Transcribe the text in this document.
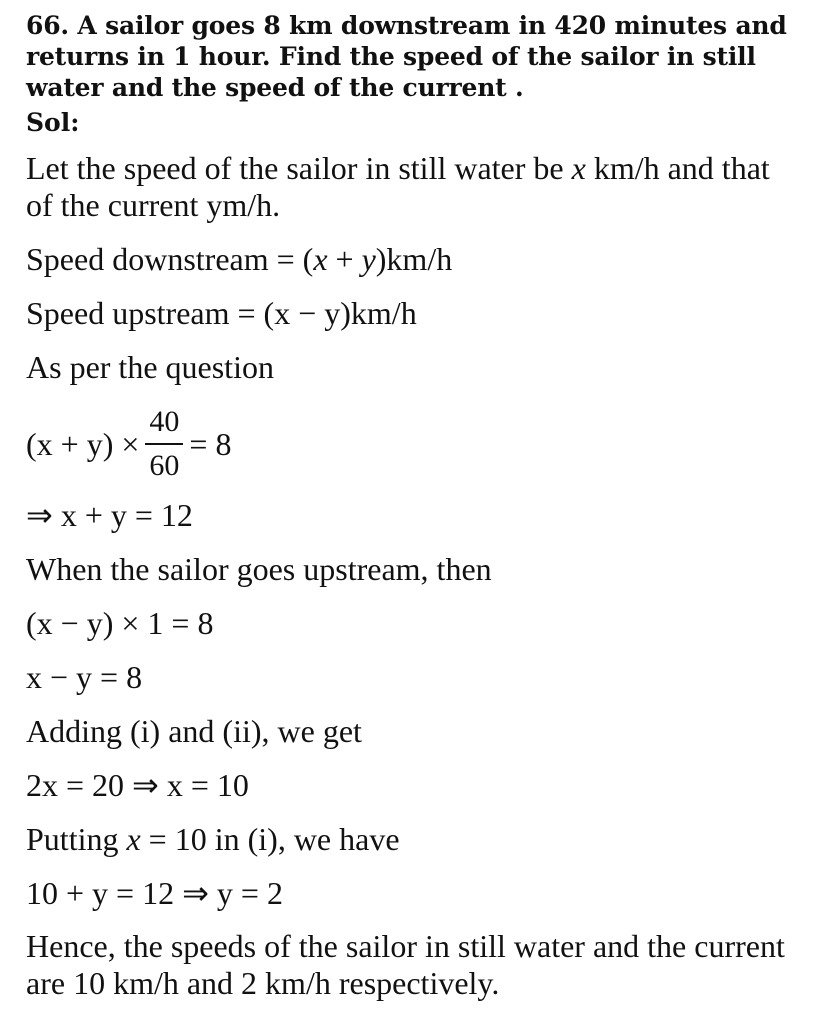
66. A sailor goes 8 km downstream in 420 minutes and returns in 1 hour. Find the speed of the sailor in still water and the speed of the current .

Sol:

Let the speed of the sailor in still water be x km/h and that of the current ym/h.

Speed downstream = (x + y)km/h

Speed upstream = (x − y)km/h

As per the question

$(x + y) \times \frac{40}{60} = 8$

⇒ x + y = 12

When the sailor goes upstream, then

(x − y) × 1 = 8

x − y = 8

Adding (i) and (ii), we get

2x = 20 ⇒ x = 10

Putting x = 10 in (i), we have

10 + y = 12 ⇒ y = 2

Hence, the speeds of the sailor in still water and the current are 10 km/h and 2 km/h respectively.
